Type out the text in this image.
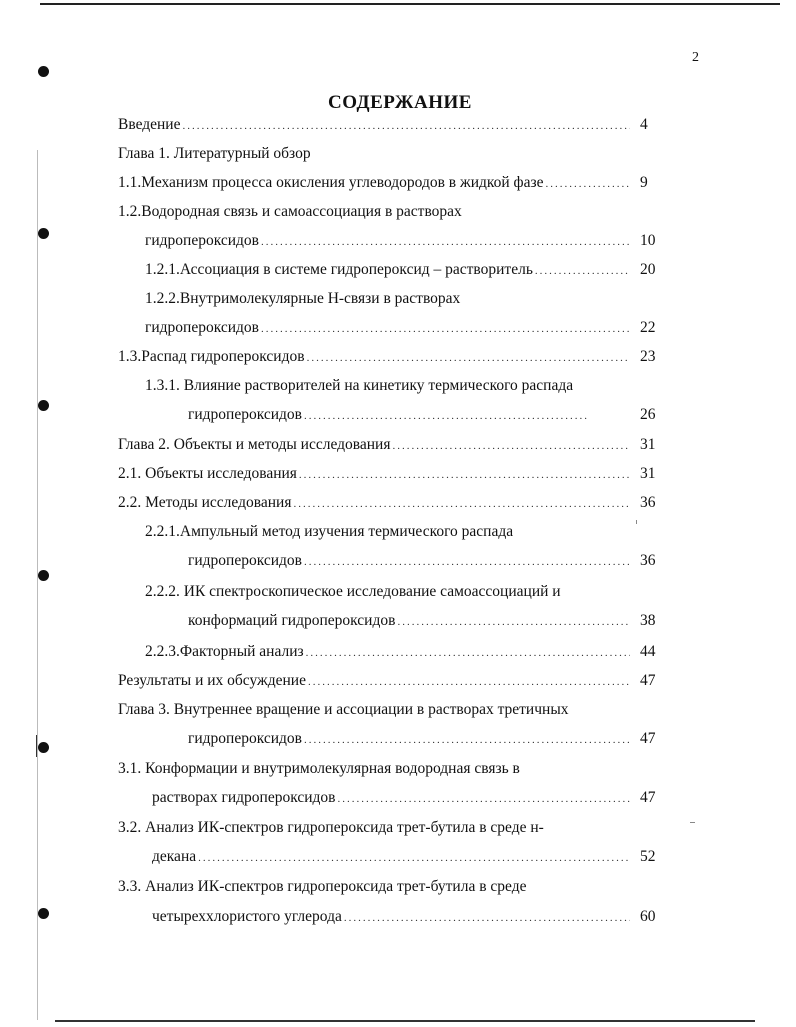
2
СОДЕРЖАНИЕ
Введение .....	4
Глава 1. Литературный обзор
1.1.Механизм процесса окисления углеводородов в жидкой фазе .....	9
1.2.Водородная связь и самоассоциация в растворах
гидропероксидов .....	10
1.2.1.Ассоциация в системе гидропероксид – растворитель .....	20
1.2.2.Внутримолекулярные Н-связи в растворах
гидропероксидов .....	22
1.3.Распад гидропероксидов .....	23
1.3.1. Влияние растворителей на кинетику термического распада
гидропероксидов .....	26
Глава 2. Объекты и методы исследования .....	31
2.1. Объекты исследования .....	31
2.2. Методы исследования .....	36
2.2.1.Ампульный метод изучения термического распада
гидропероксидов .....	36
2.2.2. ИК спектроскопическое исследование самоассоциаций и
конформаций гидропероксидов .....	38
2.2.3.Факторный анализ .....	44
Результаты и их обсуждение .....	47
Глава 3. Внутреннее вращение и ассоциации в растворах третичных
гидропероксидов .....	47
3.1. Конформации и внутримолекулярная водородная связь в
растворах гидропероксидов .....	47
3.2. Анализ ИК-спектров гидропероксида трет-бутила в среде н-
декана .....	52
3.3. Анализ ИК-спектров гидропероксида трет-бутила в среде
четыреххлористого углерода .....	60
